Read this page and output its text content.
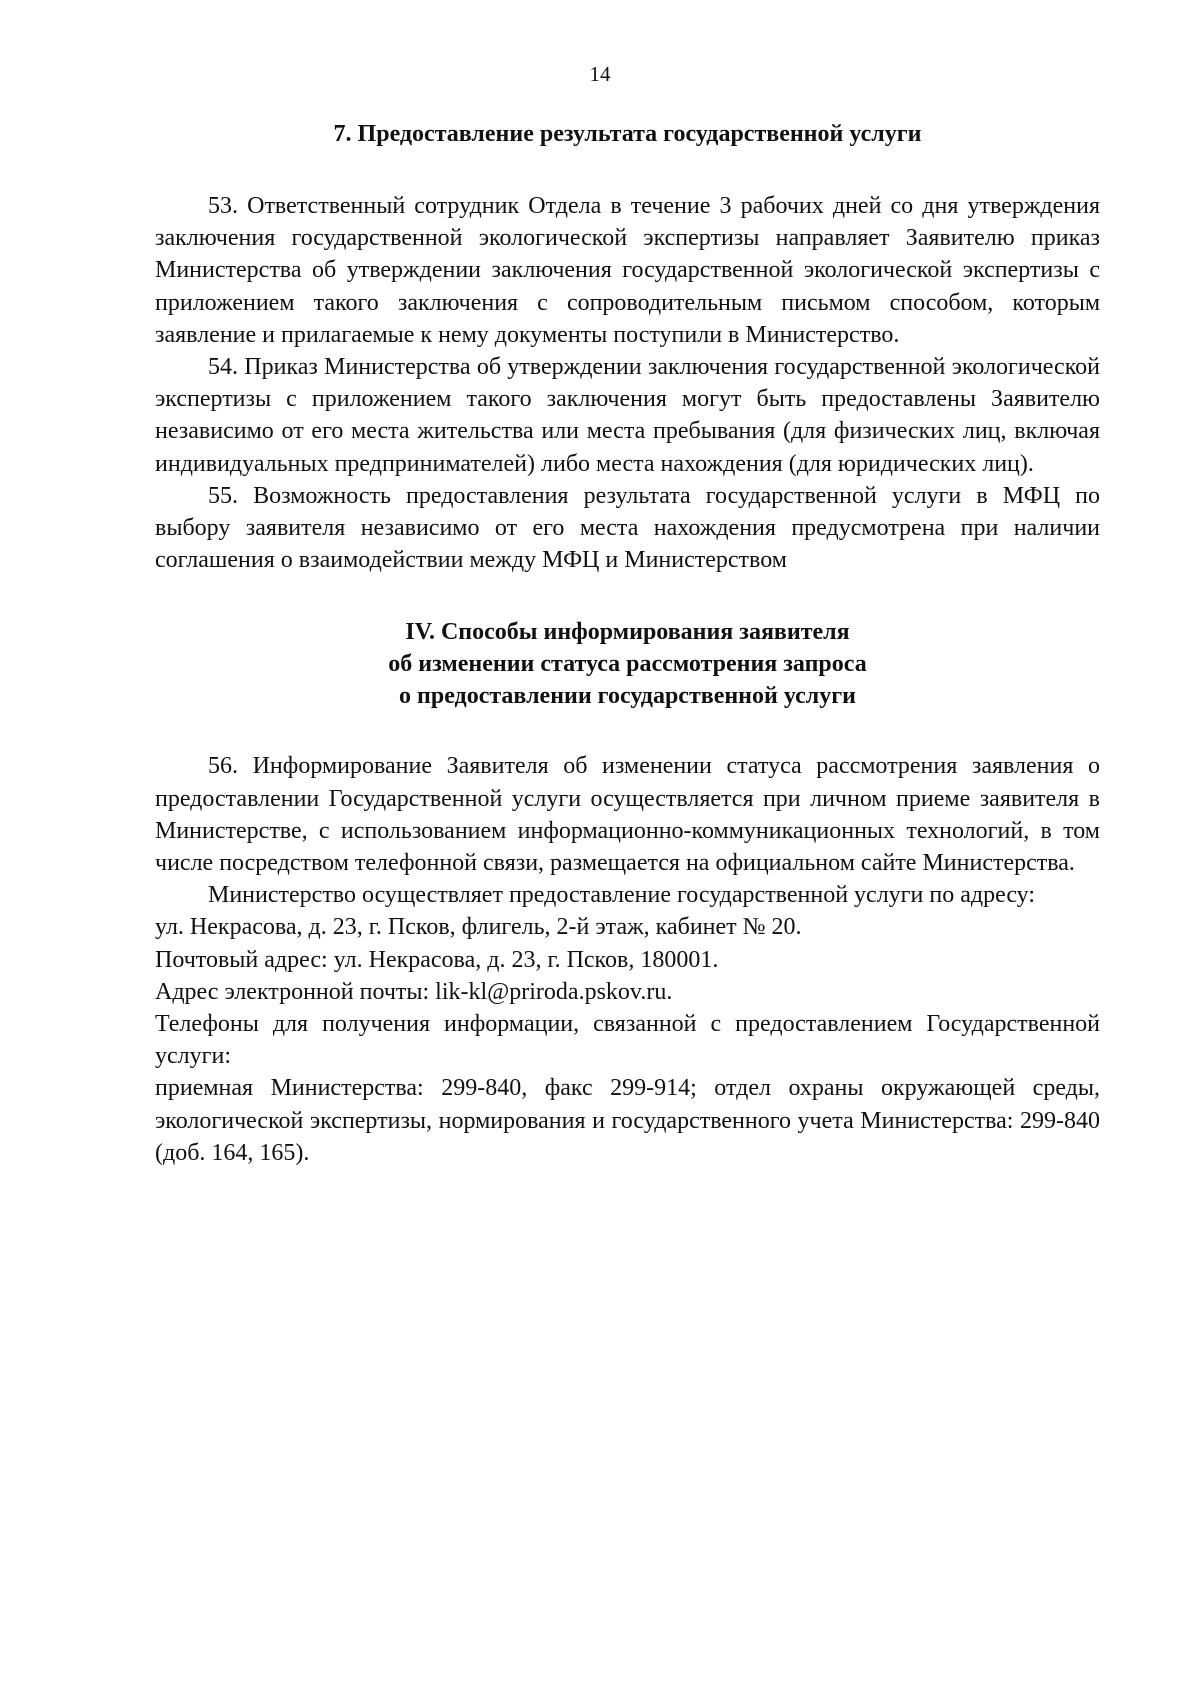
14
7. Предоставление результата государственной услуги

53. Ответственный сотрудник Отдела в течение 3 рабочих дней со дня утверждения заключения государственной экологической экспертизы направляет Заявителю приказ Министерства об утверждении заключения государственной экологической экспертизы с приложением такого заключения с сопроводительным письмом способом, которым заявление и прилагаемые к нему документы поступили в Министерство.

54. Приказ Министерства об утверждении заключения государственной экологической экспертизы с приложением такого заключения могут быть предоставлены Заявителю независимо от его места жительства или места пребывания (для физических лиц, включая индивидуальных предпринимателей) либо места нахождения (для юридических лиц).

55. Возможность предоставления результата государственной услуги в МФЦ по выбору заявителя независимо от его места нахождения предусмотрена при наличии соглашения о взаимодействии между МФЦ и Министерством

IV. Способы информирования заявителя
об изменении статуса рассмотрения запроса
о предоставлении государственной услуги

56. Информирование Заявителя об изменении статуса рассмотрения заявления о предоставлении Государственной услуги осуществляется при личном приеме заявителя в Министерстве, с использованием информационно-коммуникационных технологий, в том числе посредством телефонной связи, размещается на официальном сайте Министерства.

Министерство осуществляет предоставление государственной услуги по адресу:

ул. Некрасова, д. 23, г. Псков, флигель, 2-й этаж, кабинет № 20.

Почтовый адрес: ул. Некрасова, д. 23, г. Псков, 180001.

Адрес электронной почты: lik-kl@priroda.pskov.ru.

Телефоны для получения информации, связанной с предоставлением Государственной услуги:

приемная Министерства: 299-840, факс 299-914; отдел охраны окружающей среды, экологической экспертизы, нормирования и государственного учета Министерства: 299-840 (доб. 164, 165).
